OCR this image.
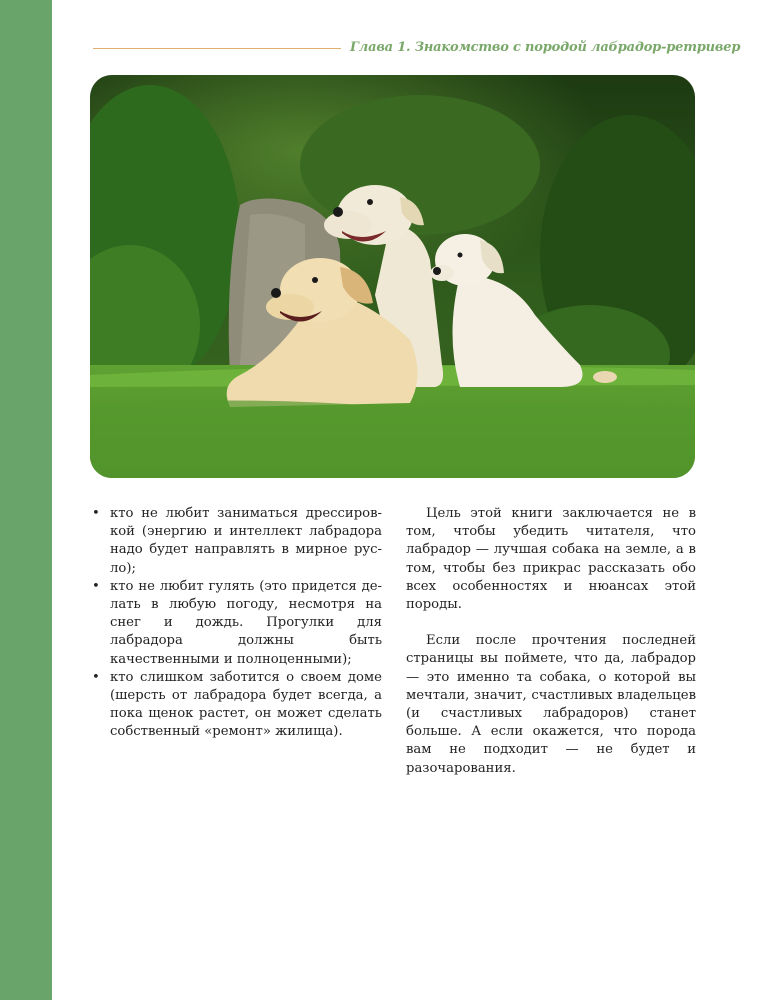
Глава 1. Знакомство с породой лабрадор-ретривер
• кто не любит заниматься дрессировкой (энергию и интеллект лабрадора надо будет направлять в мирное русло);
• кто не любит гулять (это придется делать в любую погоду, несмотря на снег и дождь. Прогулки для лабрадора должны быть качественными и полноценными);
• кто слишком заботится о своем доме (шерсть от лабрадора будет всегда, а пока щенок растет, он может сделать собственный «ремонт» жилища).

Цель этой книги заключается не в том, чтобы убедить читателя, что лабрадор — лучшая собака на земле, а в том, чтобы без прикрас рассказать обо всех особенностях и нюансах этой породы.

Если после прочтения последней страницы вы поймете, что да, лабрадор — это именно та собака, о которой вы мечтали, значит, счастливых владельцев (и счастливых лабрадоров) станет больше. А если окажется, что порода вам не подходит — не будет и разочарования.
